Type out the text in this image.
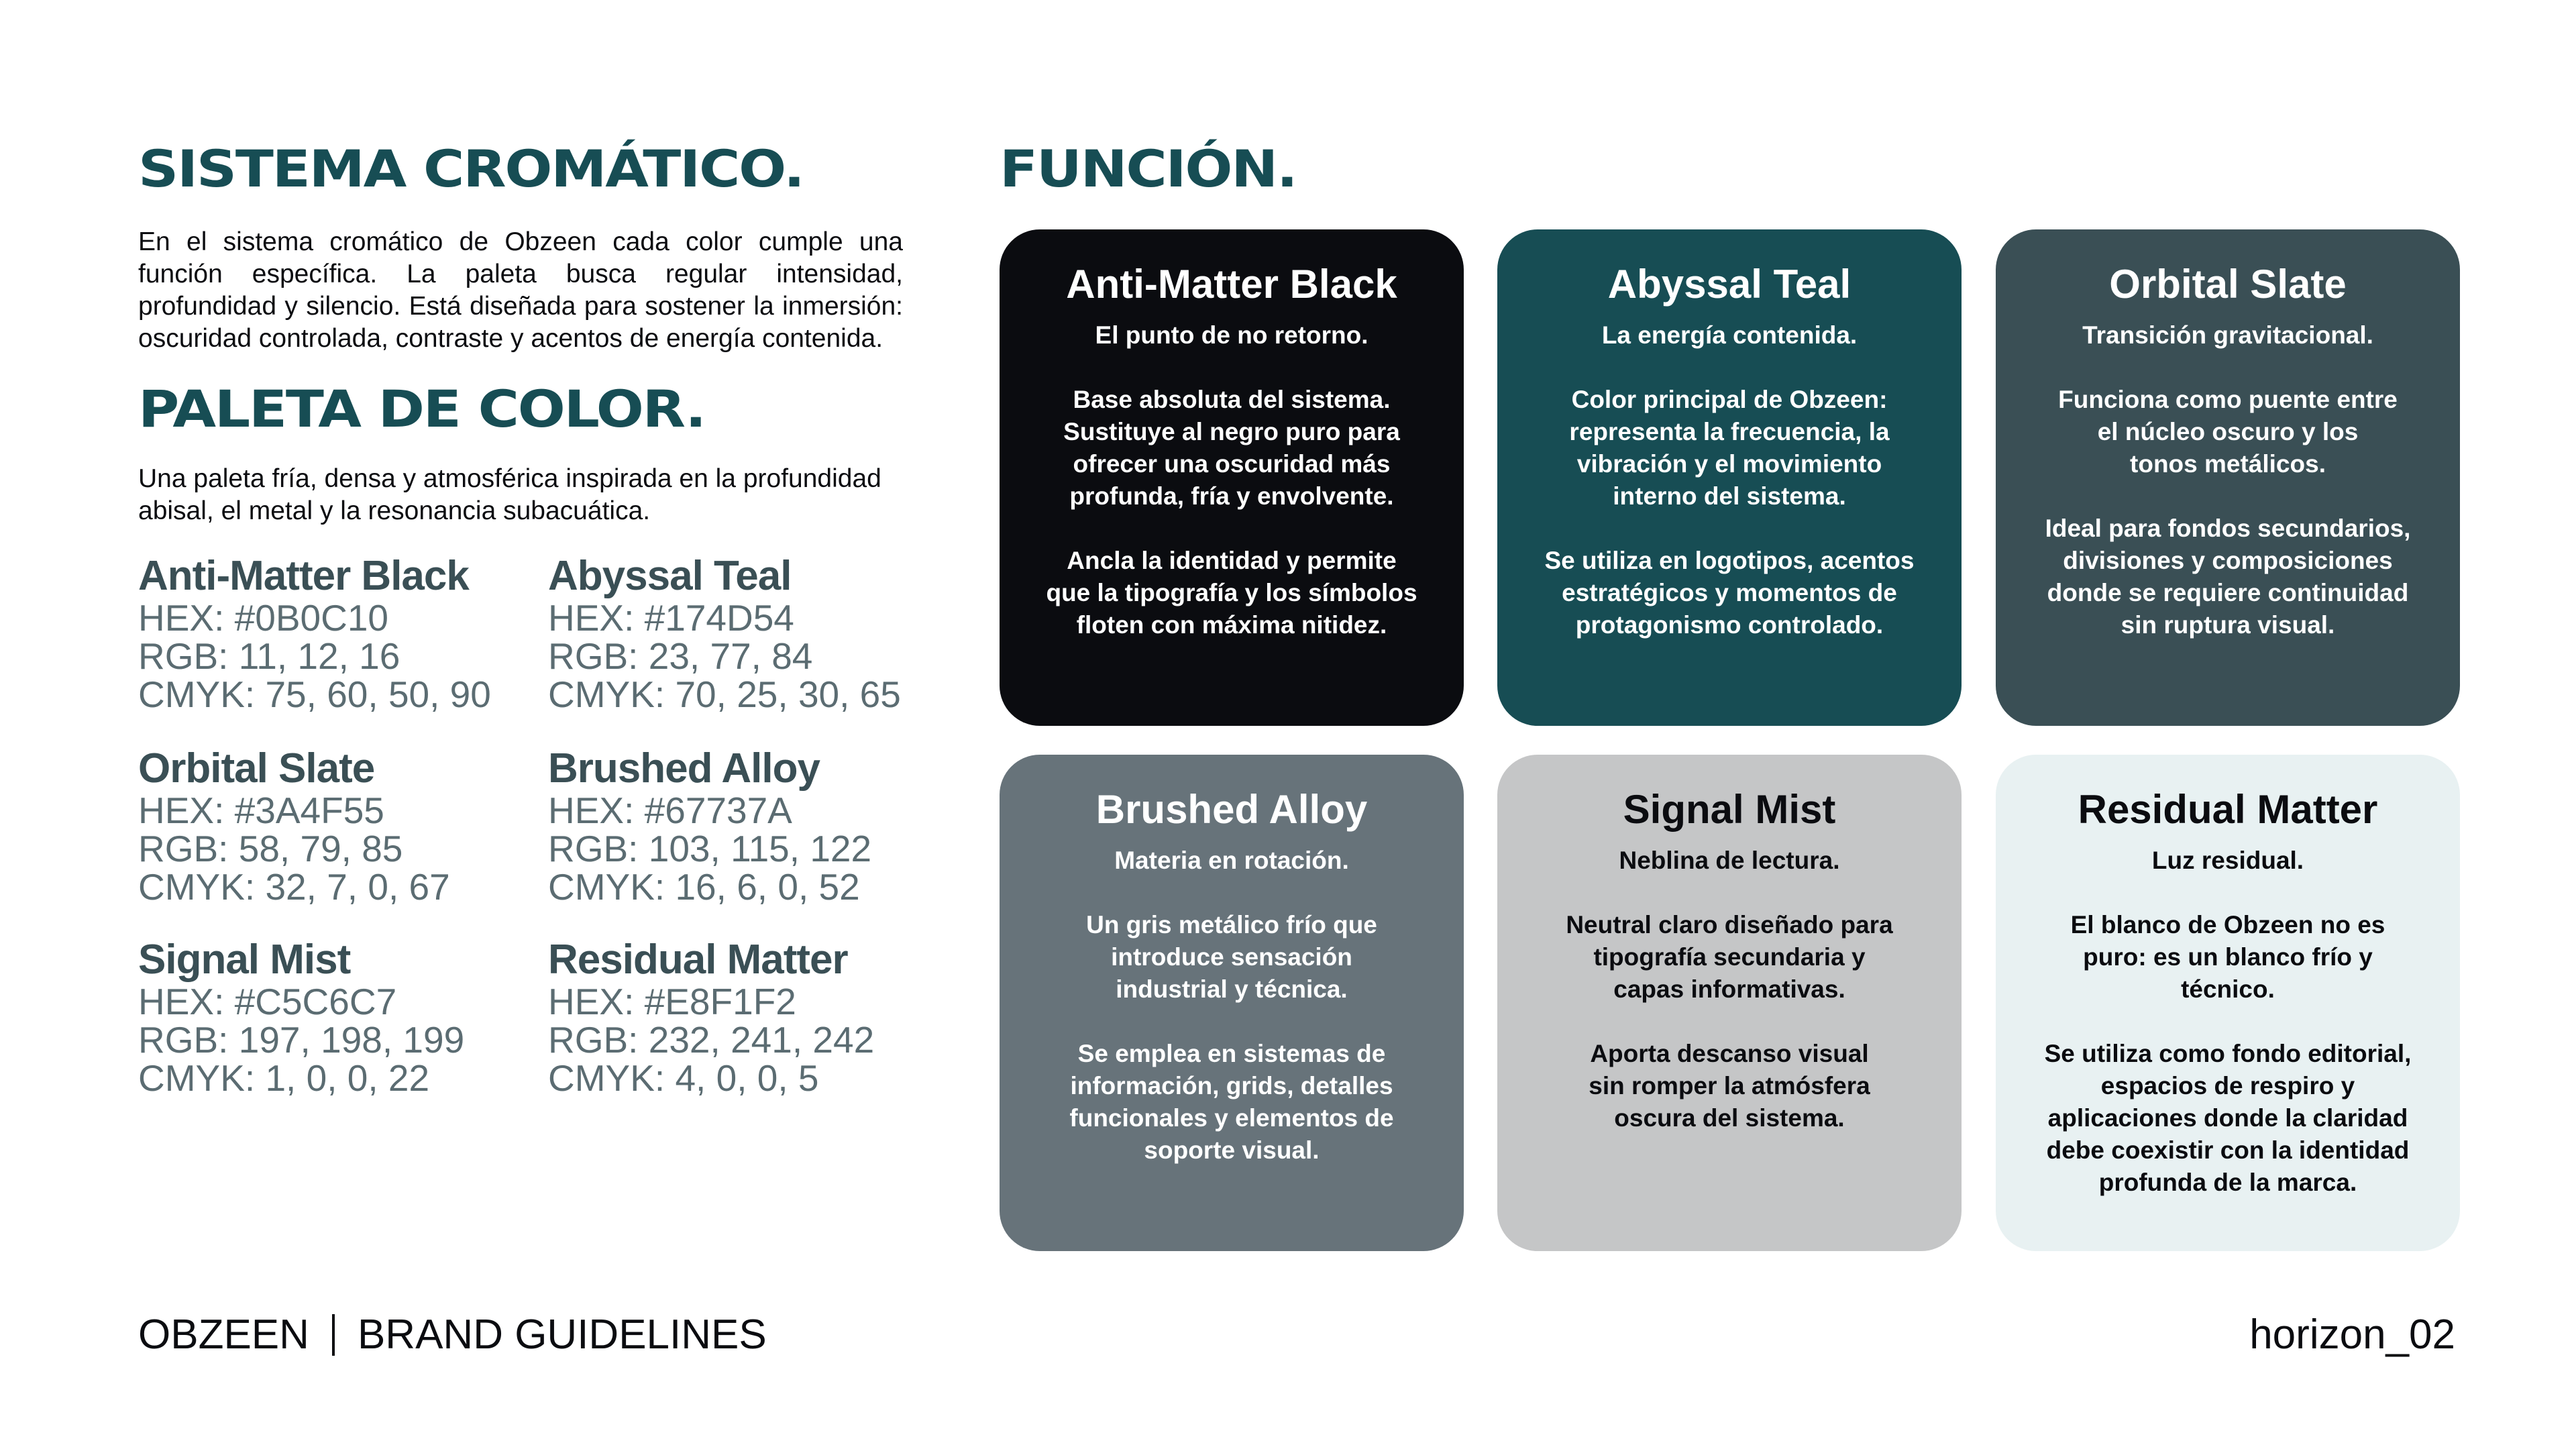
SISTEMA CROMÁTICO.

En el sistema cromático de Obzeen cada color cumple una función específica. La paleta busca regular intensidad, profundidad y silencio. Está diseñada para sostener la inmersión: oscuridad controlada, contraste y acentos de energía contenida.

PALETA DE COLOR.

Una paleta fría, densa y atmosférica inspirada en la profundidad abisal, el metal y la resonancia subacuática.

Anti-Matter Black
HEX: #0B0C10
RGB: 11, 12, 16
CMYK: 75, 60, 50, 90
Abyssal Teal
HEX: #174D54
RGB: 23, 77, 84
CMYK: 70, 25, 30, 65
Orbital Slate
HEX: #3A4F55
RGB: 58, 79, 85
CMYK: 32, 7, 0, 67
Brushed Alloy
HEX: #67737A
RGB: 103, 115, 122
CMYK: 16, 6, 0, 52
Signal Mist
HEX: #C5C6C7
RGB: 197, 198, 199
CMYK: 1, 0, 0, 22
Residual Matter
HEX: #E8F1F2
RGB: 232, 241, 242
CMYK: 4, 0, 0, 5
FUNCIÓN.
Anti-Matter Black
El punto de no retorno.
Base absoluta del sistema.
Sustituye al negro puro para
ofrecer una oscuridad más
profunda, fría y envolvente.
Ancla la identidad y permite
que la tipografía y los símbolos
floten con máxima nitidez.
Abyssal Teal
La energía contenida.
Color principal de Obzeen:
representa la frecuencia, la
vibración y el movimiento
interno del sistema.
Se utiliza en logotipos, acentos
estratégicos y momentos de
protagonismo controlado.
Orbital Slate
Transición gravitacional.
Funciona como puente entre
el núcleo oscuro y los
tonos metálicos.
Ideal para fondos secundarios,
divisiones y composiciones
donde se requiere continuidad
sin ruptura visual.
Brushed Alloy
Materia en rotación.
Un gris metálico frío que
introduce sensación
industrial y técnica.
Se emplea en sistemas de
información, grids, detalles
funcionales y elementos de
soporte visual.
Signal Mist
Neblina de lectura.
Neutral claro diseñado para
tipografía secundaria y
capas informativas.
Aporta descanso visual
sin romper la atmósfera
oscura del sistema.
Residual Matter
Luz residual.
El blanco de Obzeen no es
puro: es un blanco frío y
técnico.
Se utiliza como fondo editorial,
espacios de respiro y
aplicaciones donde la claridad
debe coexistir con la identidad
profunda de la marca.
OBZEEN BRAND GUIDELINES	horizon_02
